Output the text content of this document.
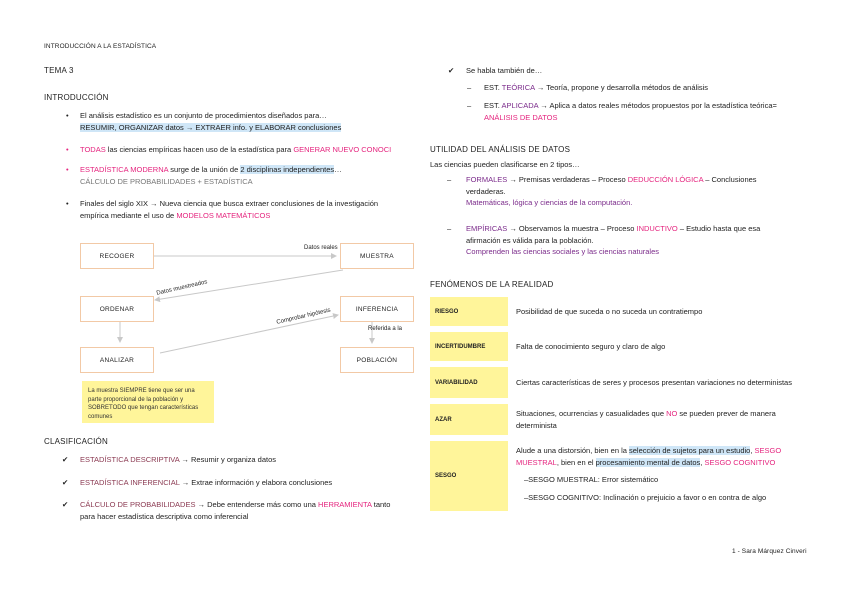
INTRODUCCIÓN A LA ESTADÍSTICA
TEMA 3
INTRODUCCIÓN
• El análisis estadístico es un conjunto de procedimientos diseñados para…
RESUMIR, ORGANIZAR datos → EXTRAER info. y ELABORAR conclusiones
• TODAS las ciencias empíricas hacen uso de la estadística para GENERAR NUEVO CONOCI
• ESTADÍSTICA MODERNA surge de la unión de 2 disciplinas independientes…
CÁLCULO DE PROBABILIDADES + ESTADÍSTICA
• Finales del siglo XIX → Nueva ciencia que busca extraer conclusiones de la investigación
empírica mediante el uso de MODELOS MATEMÁTICOS
RECOGER	MUESTRA
ORDENAR	INFERENCIA
ANALIZAR	POBLACIÓN
Datos reales
Datos muestreados
Comprobar hipótesis
Referida a la
La muestra SIEMPRE tiene que ser una parte proporcional de la población y SOBRETODO que tengan características comunes
CLASIFICACIÓN
✔ ESTADÍSTICA DESCRIPTIVA → Resumir y organiza datos
✔ ESTADÍSTICA INFERENCIAL → Extrae información y elabora conclusiones
✔ CÁLCULO DE PROBABILIDADES → Debe entenderse más como una HERRAMIENTA tanto
para hacer estadística descriptiva como inferencial
✔ Se habla también de…
– EST. TEÓRICA → Teoría, propone y desarrolla métodos de análisis
– EST. APLICADA → Aplica a datos reales métodos propuestos por la estadística teórica=
ANÁLISIS DE DATOS
UTILIDAD DEL ANÁLISIS DE DATOS
Las ciencias pueden clasificarse en 2 tipos…
– FORMALES → Premisas verdaderas – Proceso DEDUCCIÓN LÓGICA – Conclusiones
verdaderas.
Matemáticas, lógica y ciencias de la computación.
– EMPÍRICAS → Observamos la muestra – Proceso INDUCTIVO – Estudio hasta que esa
afirmación es válida para la población.
Comprenden las ciencias sociales y las ciencias naturales
FENÓMENOS DE LA REALIDAD
RIESGO	Posibilidad de que suceda o no suceda un contratiempo

INCERTIDUMBRE	Falta de conocimiento seguro y claro de algo

VARIABILIDAD	Ciertas características de seres y procesos presentan variaciones no deterministas

AZAR	Situaciones, ocurrencias y casualidades que NO se pueden prever de manera determinista

SESGO	Alude a una distorsión, bien en la selección de sujetos para un estudio, SESGO MUESTRAL, bien en el procesamiento mental de datos, SESGO COGNITIVO
–SESGO MUESTRAL: Error sistemático
–SESGO COGNITIVO: Inclinación o prejuicio a favor o en contra de algo
1 - Sara Márquez Cinveri
